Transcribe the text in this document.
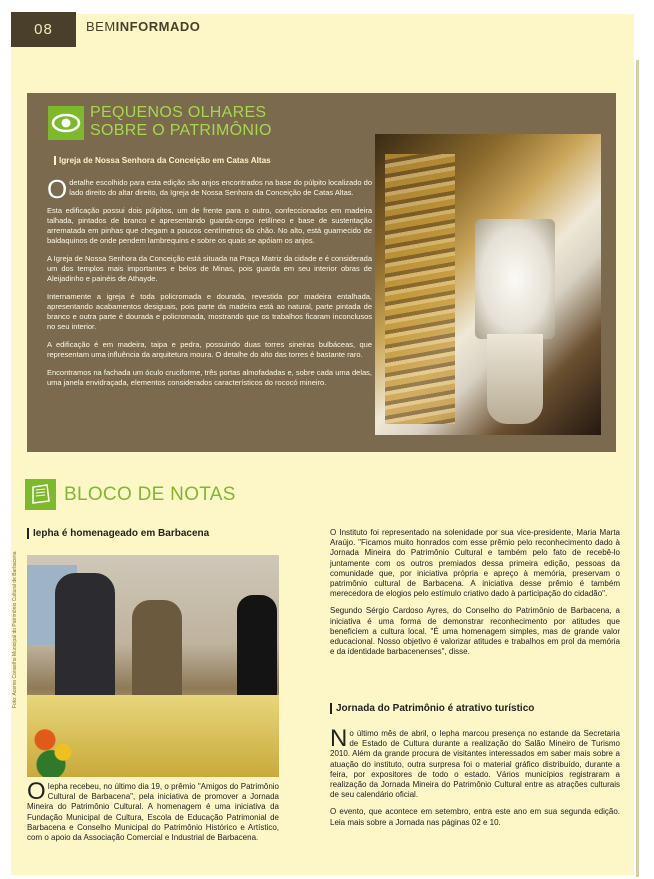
08	BEMINFORMADO
PEQUENOS OLHARES
SOBRE O PATRIMÔNIO
Igreja de Nossa Senhora da Conceição em Catas Altas

O detalhe escolhido para esta edição são anjos encontrados na base do púlpito localizado do lado direito do altar direito, da Igreja de Nossa Senhora da Conceição de Catas Altas.

Esta edificação possui dois púlpitos, um de frente para o outro, confeccionados em madeira talhada, pintados de branco e apresentando guarda-corpo retilíneo e base de sustentação arrematada em pinhas que chegam a poucos centímetros do chão. No alto, está guarnecido de baldaquinos de onde pendem lambrequins e sobre os quais se apóiam os anjos.

A Igreja de Nossa Senhora da Conceição está situada na Praça Matriz da cidade e é considerada um dos templos mais importantes e belos de Minas, pois guarda em seu interior obras de Aleijadinho e painéis de Athayde.

Internamente a igreja é toda policromada e dourada, revestida por madeira entalhada, apresentando acabamentos desiguais, pois parte da madeira está ao natural, parte pintada de branco e outra parte é dourada e policromada, mostrando que os trabalhos ficaram inconclusos no seu interior.

A edificação é em madeira, taipa e pedra, possuindo duas torres sineiras bulbáceas, que representam uma influência da arquitetura moura. O detalhe do alto das torres é bastante raro.

Encontramos na fachada um óculo cruciforme, três portas almofadadas e, sobre cada uma delas, uma janela envidraçada, elementos considerados característicos do rococó mineiro.

BLOCO DE NOTAS
Iepha é homenageado em Barbacena
Foto: Acervo Conselho Municipal do Patrimônio Cultural de Barbacena

O Iepha recebeu, no último dia 19, o prêmio "Amigos do Patrimônio Cultural de Barbacena", pela iniciativa de promover a Jornada Mineira do Patrimônio Cultural. A homenagem é uma iniciativa da Fundação Municipal de Cultura, Escola de Educação Patrimonial de Barbacena e Conselho Municipal do Patrimônio Histórico e Artístico, com o apoio da Associação Comercial e Industrial de Barbacena.

O Instituto foi representado na solenidade por sua vice-presidente, Maria Marta Araújo. "Ficamos muito honrados com esse prêmio pelo reconhecimento dado à Jornada Mineira do Patrimônio Cultural e também pelo fato de recebê-lo juntamente com os outros premiados dessa primeira edição, pessoas da comunidade que, por iniciativa própria e apreço à memória, preservam o patrimônio cultural de Barbacena. A iniciativa desse prêmio é também merecedora de elogios pelo estímulo criativo dado à participação do cidadão".

Segundo Sérgio Cardoso Ayres, do Conselho do Patrimônio de Barbacena, a iniciativa é uma forma de demonstrar reconhecimento por atitudes que beneficiem a cultura local. "É uma homenagem simples, mas de grande valor educacional. Nosso objetivo é valorizar atitudes e trabalhos em prol da memória e da identidade barbacenenses", disse.

Jornada do Patrimônio é atrativo turístico

No último mês de abril, o Iepha marcou presença no estande da Secretaria de Estado de Cultura durante a realização do Salão Mineiro de Turismo 2010. Além da grande procura de visitantes interessados em saber mais sobre a atuação do instituto, outra surpresa foi o material gráfico distribuído, durante a feira, por expositores de todo o estado. Vários municípios registraram a realização da Jornada Mineira do Patrimônio Cultural entre as atrações culturais de seu calendário oficial.

O evento, que acontece em setembro, entra este ano em sua segunda edição. Leia mais sobre a Jornada nas páginas 02 e 10.
